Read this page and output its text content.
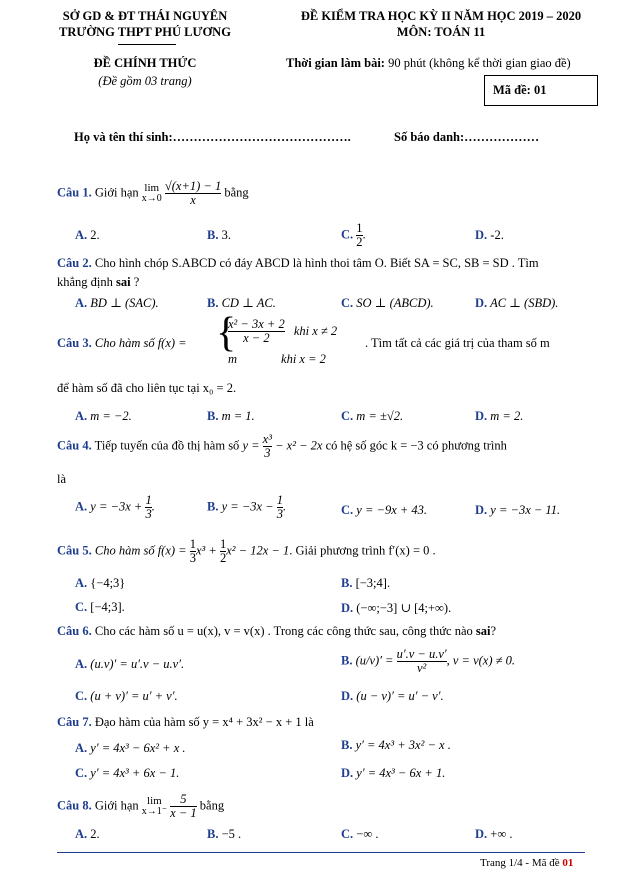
SỞ GD & ĐT THÁI NGUYÊN
TRƯỜNG THPT PHÚ LƯƠNG
ĐỀ KIỂM TRA HỌC KỲ II NĂM HỌC 2019 – 2020
MÔN: TOÁN 11
ĐỀ CHÍNH THỨC
(Đề gồm 03 trang)
Thời gian làm bài: 90 phút (không kể thời gian giao đề)
Mã đề: 01
Họ và tên thí sinh:…………………………………….	Số báo danh:………………
Câu 1. Giới hạn lim
x→0
$\frac{√(x+1) - 1}{x}$ bằng
A. 2.	B. 3.	C. $\frac{1}{2}$ .	D. -2.
Câu 2. Cho hình chóp S.ABCD có đáy ABCD là hình thoi tâm O. Biết SA = SC, SB = SD . Tìm
khẳng định sai ?
A. BD ⊥ (SAC).	B. CD ⊥ AC.	C. SO ⊥ (ABCD).	D. AC ⊥ (SBD).
Câu 3. Cho hàm số f(x) = {
$\frac{\text{x² − 3x + 2}}{x - 2}$ khi x ≠ 2
m	khi x = 2
. Tìm tất cả các giá trị của tham số m
để hàm số đã cho liên tục tại x₀ = 2.
A. m = −2.	B. m = 1.	C. m = ±√2.	D. m = 2.
Câu 4. Tiếp tuyến của đồ thị hàm số $y = \frac{\text{x³}}{3} - x^2 - 2x$ có hệ số góc k = −3 có phương trình
là
A. $y = -3x + \frac{1}{3}$ .	B. $y = -3x - \frac{1}{3}$ .	C. y = −9x + 43.	D. y = −3x − 11.
Câu 5. Cho hàm số $f(x) = \frac{1}{3} x^3 + \frac{1}{2} x^2 - 12x - 1$. Giải phương trình f′(x) = 0 .
A. {−4;3}	B. [−3;4].
C. [−4;3].	D. (−∞;−3] ∪ [4;+∞).
Câu 6. Cho các hàm số u = u(x), v = v(x) . Trong các công thức sau, công thức nào sai?
A. (u.v)′ = u′.v − u.v′.	B. $(u/v)' = \frac{u'.v - u.v'}{\text{v²}}$ , v = v(x) ≠ 0.
C. (u + v)′ = u′ + v′.	D. (u − v)′ = u′ − v′.
Câu 7. Đạo hàm của hàm số y = x⁴ + 3x² − x + 1 là
A. y′ = 4x³ − 6x² + x .	B. y′ = 4x³ + 3x² − x .
C. y′ = 4x³ + 6x − 1.	D. y′ = 4x³ − 6x + 1.
Câu 8. Giới hạn lim
x→1⁻
$\frac{5}{x - 1}$ bằng
A. 2.	B. −5 .	C. −∞ .	D. +∞ .
Trang 1/4 - Mã đề 01
